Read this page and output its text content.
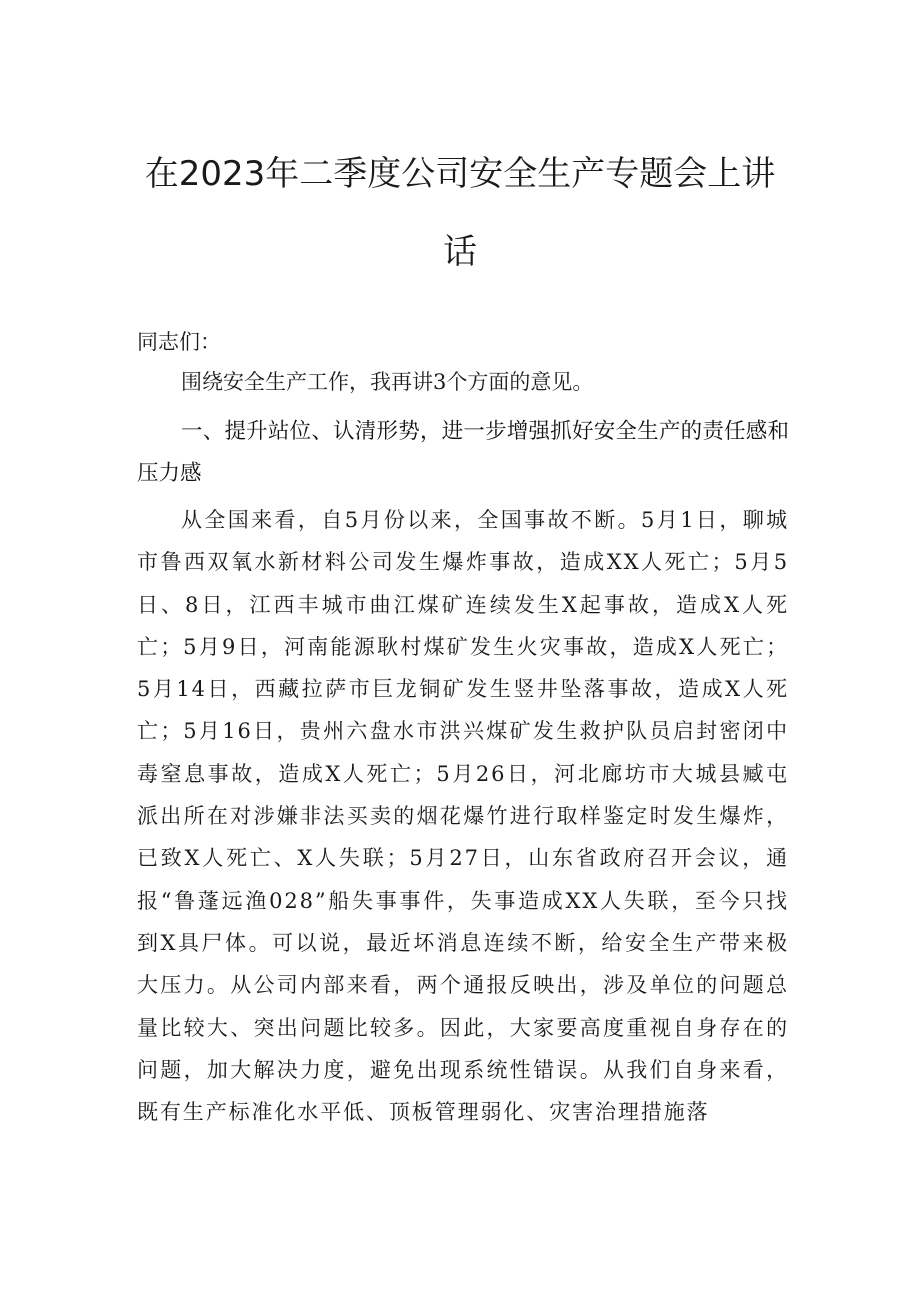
在2023年二季度公司安全生产专题会上讲
话

同志们：

围绕安全生产工作，我再讲3个方面的意见。

一、提升站位、认清形势，进一步增强抓好安全生产的责任感和压力感

从全国来看，自5月份以来，全国事故不断。5月1日，聊城市鲁西双氧水新材料公司发生爆炸事故，造成XX人死亡；5月5日、8日，江西丰城市曲江煤矿连续发生X起事故，造成X人死亡；5月9日，河南能源耿村煤矿发生火灾事故，造成X人死亡；5月14日，西藏拉萨市巨龙铜矿发生竖井坠落事故，造成X人死亡；5月16日，贵州六盘水市洪兴煤矿发生救护队员启封密闭中毒窒息事故，造成X人死亡；5月26日，河北廊坊市大城县臧屯派出所在对涉嫌非法买卖的烟花爆竹进行取样鉴定时发生爆炸，已致X人死亡、X人失联；5月27日，山东省政府召开会议，通报“鲁蓬远渔028”船失事事件，失事造成XX人失联，至今只找到X具尸体。可以说，最近坏消息连续不断，给安全生产带来极大压力。从公司内部来看，两个通报反映出，涉及单位的问题总量比较大、突出问题比较多。因此，大家要高度重视自身存在的问题，加大解决力度，避免出现系统性错误。从我们自身来看，既有生产标准化水平低、顶板管理弱化、灾害治理措施落
